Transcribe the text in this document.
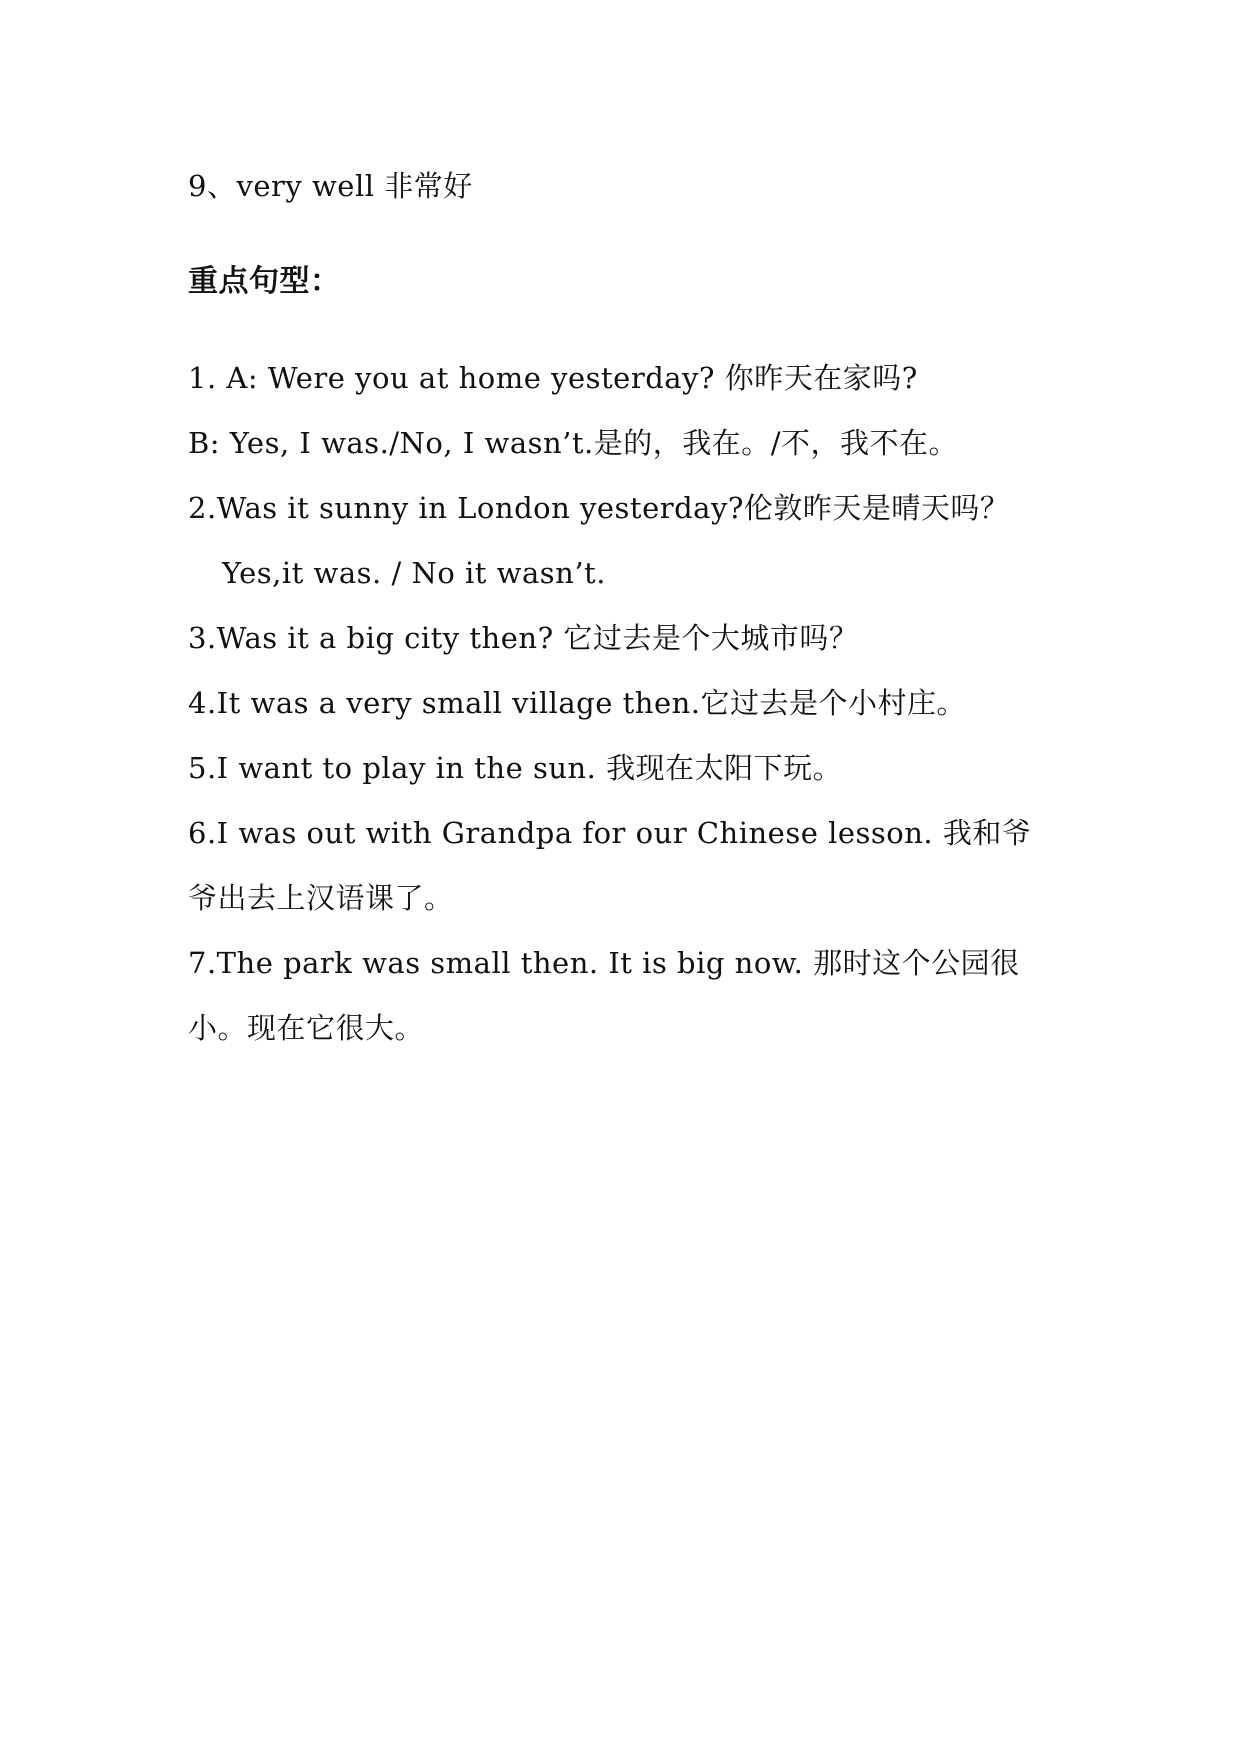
9、very well 非常好
重点句型：
1. A: Were you at home yesterday? 你昨天在家吗?
B: Yes, I was./No, I wasn’t.是的，我在。/不，我不在。
2.Was it sunny in London yesterday?伦敦昨天是晴天吗？
Yes,it was. / No it wasn’t.
3.Was it a big city then? 它过去是个大城市吗？
4.It was a very small village then.它过去是个小村庄。
5.I want to play in the sun. 我现在太阳下玩。
6.I was out with Grandpa for our Chinese lesson. 我和爷
爷出去上汉语课了。
7.The park was small then. It is big now. 那时这个公园很
小。现在它很大。
